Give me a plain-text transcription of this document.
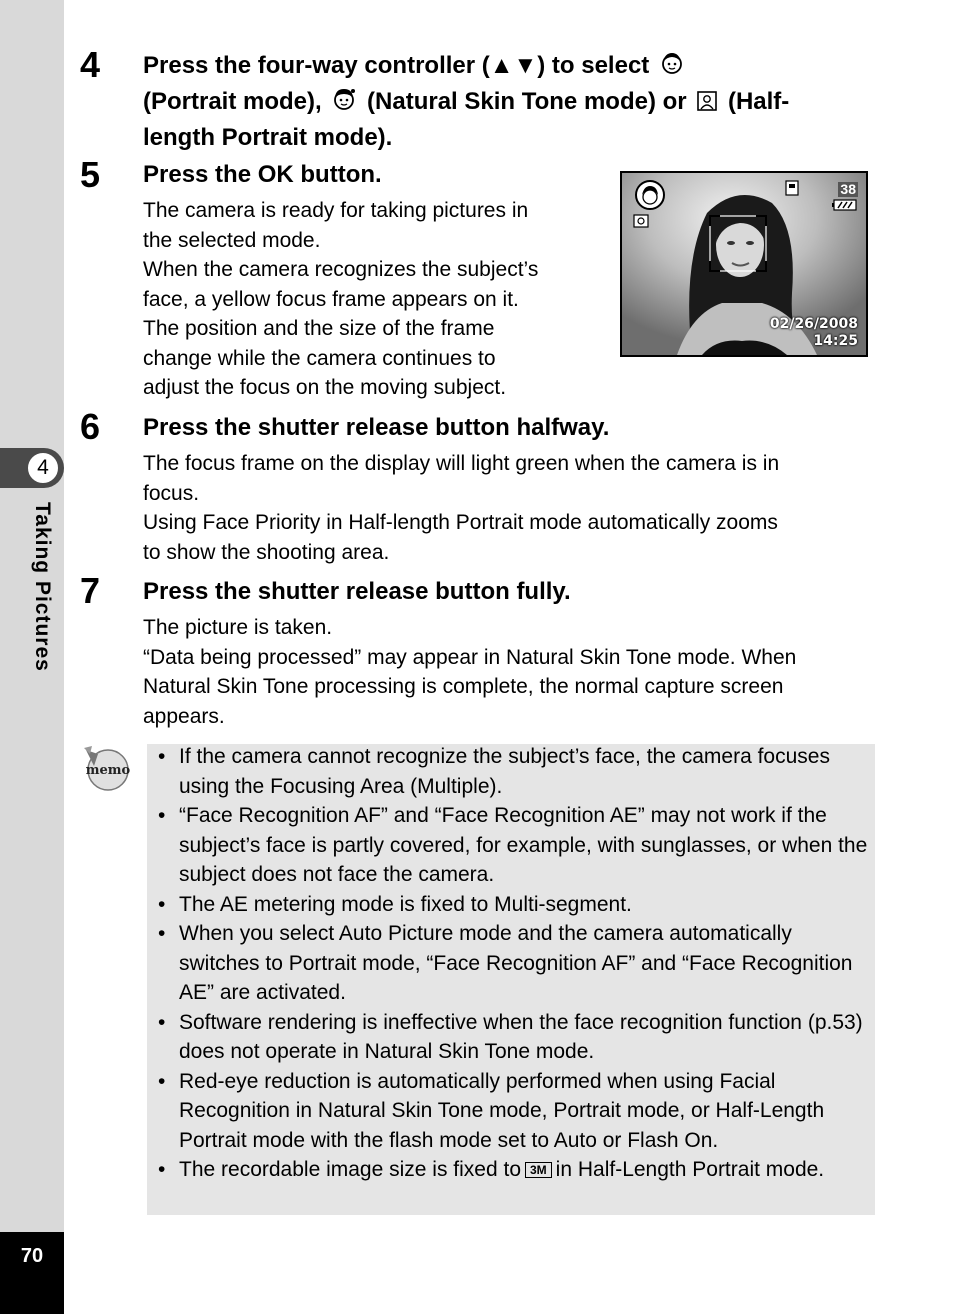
4
Taking Pictures
70
4 Press the four-way controller (▲▼) to select
(Portrait mode), (Natural Skin Tone mode) or (Half-
length Portrait mode).
5 Press the OK button.

The camera is ready for taking pictures in

the selected mode.

When the camera recognizes the subject’s

face, a yellow focus frame appears on it.

The position and the size of the frame

change while the camera continues to

adjust the focus on the moving subject.

38
02/26/2008
14:25
6 Press the shutter release button halfway.

The focus frame on the display will light green when the camera is in

focus.

Using Face Priority in Half-length Portrait mode automatically zooms

to show the shooting area.

7 Press the shutter release button fully.

The picture is taken.

“Data being processed” may appear in Natural Skin Tone mode. When

Natural Skin Tone processing is complete, the normal capture screen

appears.

memo
• If the camera cannot recognize the subject’s face, the camera focuses using the Focusing Area (Multiple).
• “Face Recognition AF” and “Face Recognition AE” may not work if the subject’s face is partly covered, for example, with sunglasses, or when the subject does not face the camera.
• The AE metering mode is fixed to Multi-segment.
• When you select Auto Picture mode and the camera automatically switches to Portrait mode, “Face Recognition AF” and “Face Recognition AE” are activated.
• Software rendering is ineffective when the face recognition function (p.53) does not operate in Natural Skin Tone mode.
• Red-eye reduction is automatically performed when using Facial Recognition in Natural Skin Tone mode, Portrait mode, or Half-Length Portrait mode with the flash mode set to Auto or Flash On.
• The recordable image size is fixed to 3M in Half-Length Portrait mode.
